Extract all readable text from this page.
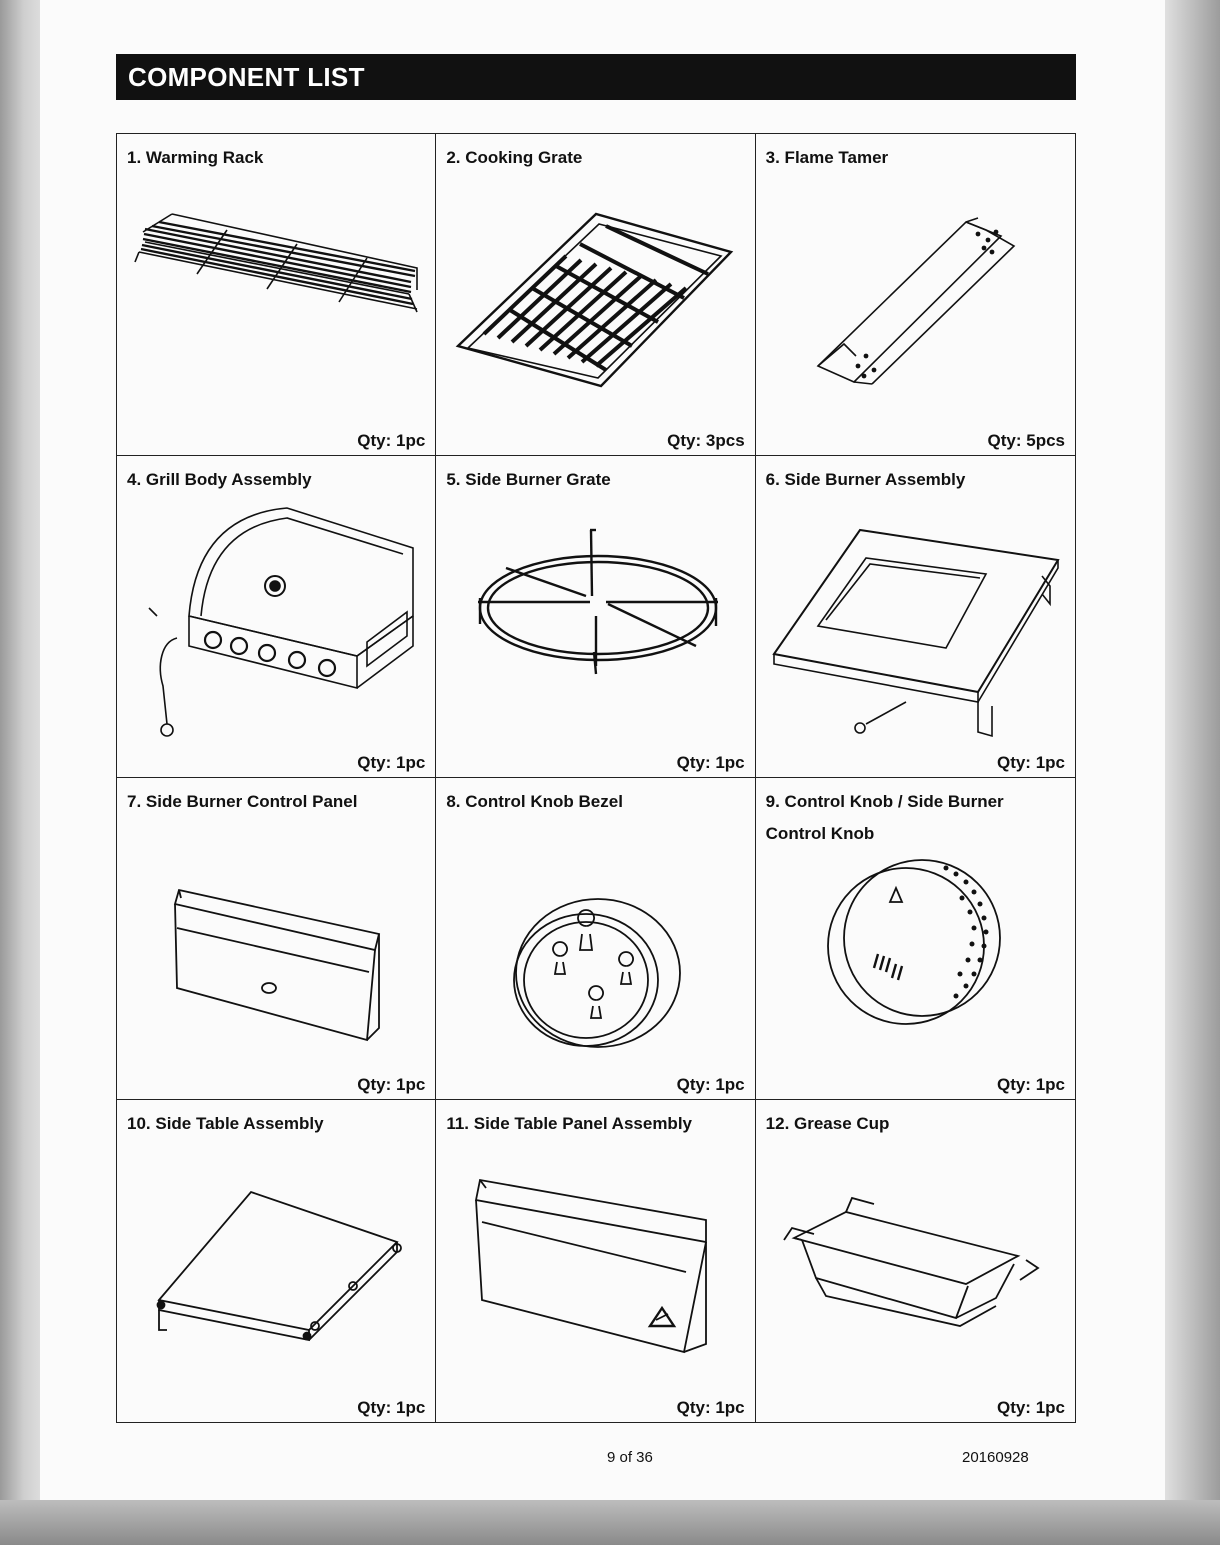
COMPONENT LIST
1. Warming Rack
Qty: 1pc
2. Cooking Grate
Qty: 3pcs
3. Flame Tamer
Qty: 5pcs
4. Grill Body Assembly
Qty: 1pc
5. Side Burner Grate
Qty: 1pc
6. Side Burner Assembly
Qty: 1pc
7. Side Burner Control Panel
Qty: 1pc
8. Control Knob Bezel
Qty: 1pc
9. Control Knob / Side Burner Control Knob
Qty: 1pc
10. Side Table Assembly
Qty: 1pc
11. Side Table Panel Assembly
Qty: 1pc
12. Grease Cup
Qty: 1pc
9 of 36	20160928
